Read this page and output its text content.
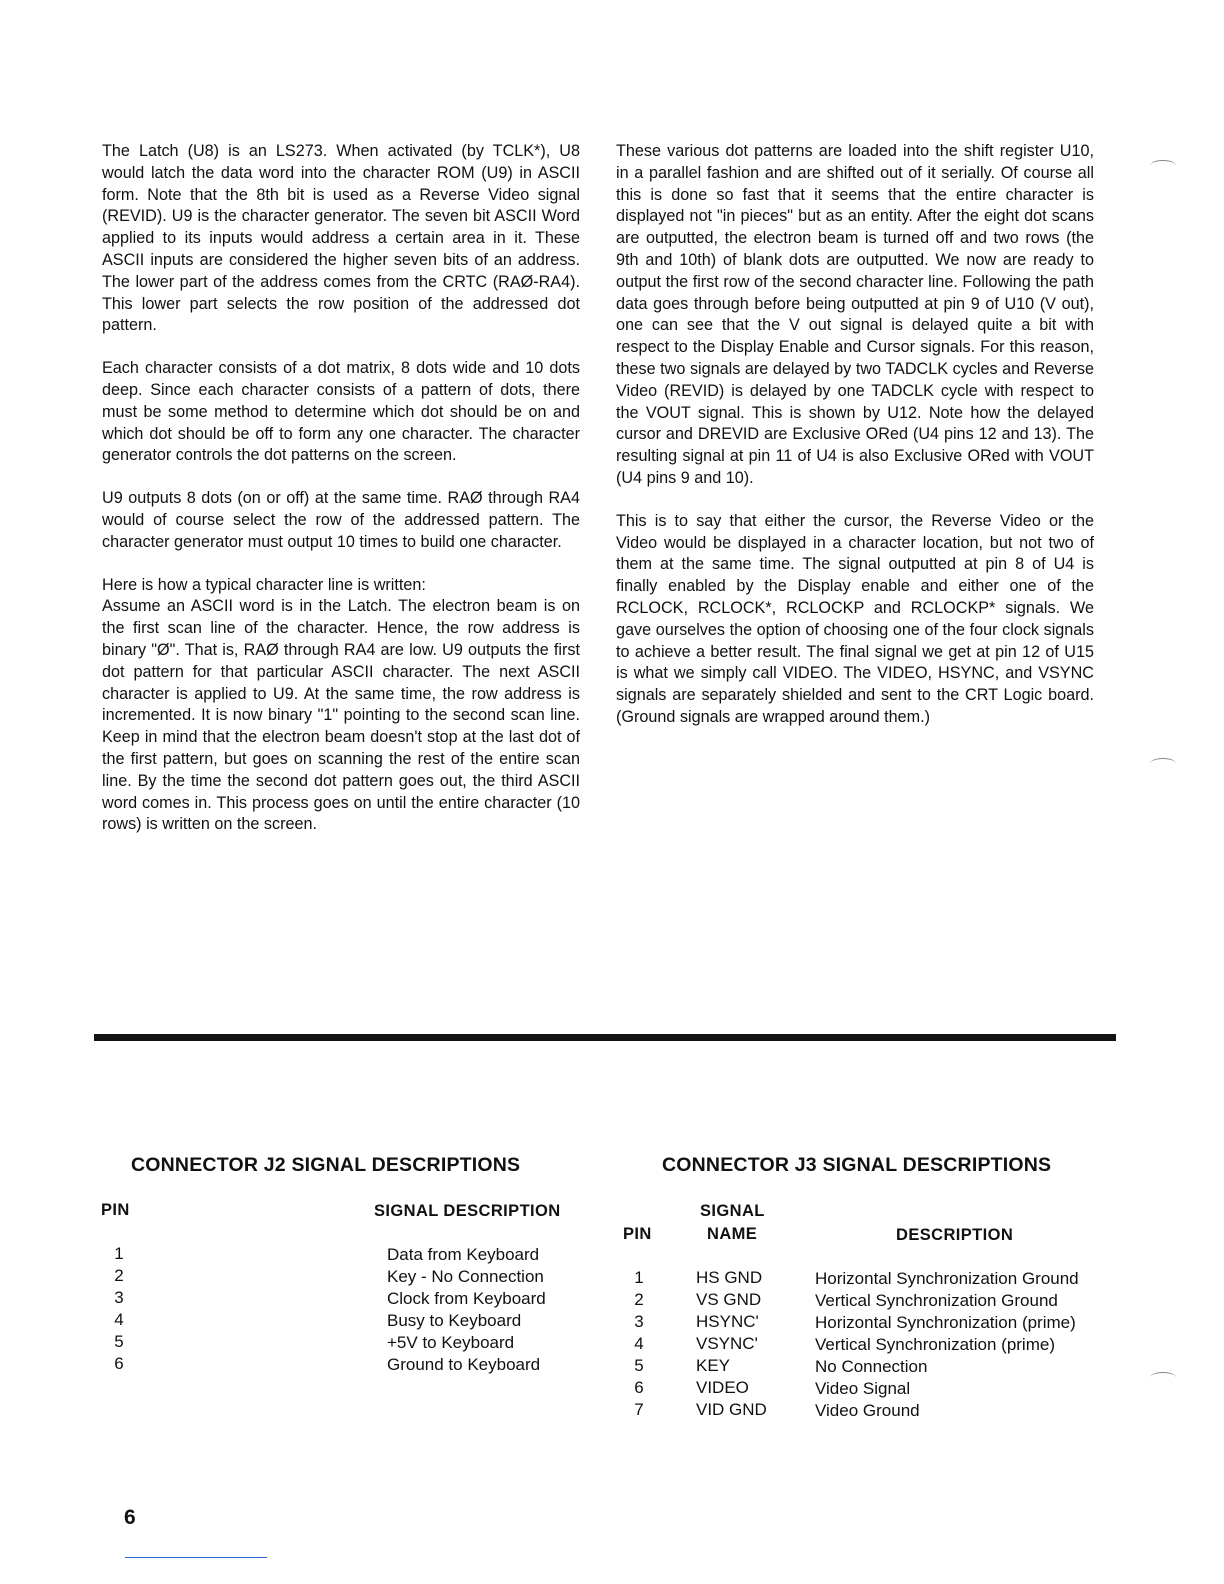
The Latch (U8) is an LS273. When activated (by TCLK*), U8 would latch the data word into the character ROM (U9) in ASCII form. Note that the 8th bit is used as a Reverse Video signal (REVID). U9 is the character generator. The seven bit ASCII Word applied to its inputs would address a certain area in it. These ASCII inputs are considered the higher seven bits of an address. The lower part of the address comes from the CRTC (RAØ-RA4). This lower part selects the row position of the addressed dot pattern.

Each character consists of a dot matrix, 8 dots wide and 10 dots deep. Since each character consists of a pattern of dots, there must be some method to determine which dot should be on and which dot should be off to form any one character. The character generator controls the dot patterns on the screen.

U9 outputs 8 dots (on or off) at the same time. RAØ through RA4 would of course select the row of the addressed pattern. The character generator must output 10 times to build one character.

Here is how a typical character line is written:

Assume an ASCII word is in the Latch. The electron beam is on the first scan line of the character. Hence, the row address is binary "Ø". That is, RAØ through RA4 are low. U9 outputs the first dot pattern for that particular ASCII character. The next ASCII character is applied to U9. At the same time, the row address is incremented. It is now binary "1" pointing to the second scan line. Keep in mind that the electron beam doesn't stop at the last dot of the first pattern, but goes on scanning the rest of the entire scan line. By the time the second dot pattern goes out, the third ASCII word comes in. This process goes on until the entire character (10 rows) is written on the screen.

These various dot patterns are loaded into the shift register U10, in a parallel fashion and are shifted out of it serially. Of course all this is done so fast that it seems that the entire character is displayed not "in pieces" but as an entity. After the eight dot scans are outputted, the electron beam is turned off and two rows (the 9th and 10th) of blank dots are outputted. We now are ready to output the first row of the second character line. Following the path data goes through before being outputted at pin 9 of U10 (V out), one can see that the V out signal is delayed quite a bit with respect to the Display Enable and Cursor signals. For this reason, these two signals are delayed by two TADCLK cycles and Reverse Video (REVID) is delayed by one TADCLK cycle with respect to the VOUT signal. This is shown by U12. Note how the delayed cursor and DREVID are Exclusive ORed (U4 pins 12 and 13). The resulting signal at pin 11 of U4 is also Exclusive ORed with VOUT (U4 pins 9 and 10).

This is to say that either the cursor, the Reverse Video or the Video would be displayed in a character location, but not two of them at the same time. The signal outputted at pin 8 of U4 is finally enabled by the Display enable and either one of the RCLOCK, RCLOCK*, RCLOCKP and RCLOCKP* signals. We gave ourselves the option of choosing one of the four clock signals to achieve a better result. The final signal we get at pin 12 of U15 is what we simply call VIDEO. The VIDEO, HSYNC, and VSYNC signals are separately shielded and sent to the CRT Logic board. (Ground signals are wrapped around them.)

CONNECTOR J2 SIGNAL DESCRIPTIONS
PIN	SIGNAL DESCRIPTION
1
2
3
4
5
6
Data from Keyboard
Key - No Connection
Clock from Keyboard
Busy to Keyboard
+5V to Keyboard
Ground to Keyboard
CONNECTOR J3 SIGNAL DESCRIPTIONS
PIN
SIGNAL
NAME	DESCRIPTION
1
2
3
4
5
6
7
HS GND
VS GND
HSYNC'
VSYNC'
KEY
VIDEO
VID GND
Horizontal Synchronization Ground
Vertical Synchronization Ground
Horizontal Synchronization (prime)
Vertical Synchronization (prime)
No Connection
Video Signal
Video Ground
6
